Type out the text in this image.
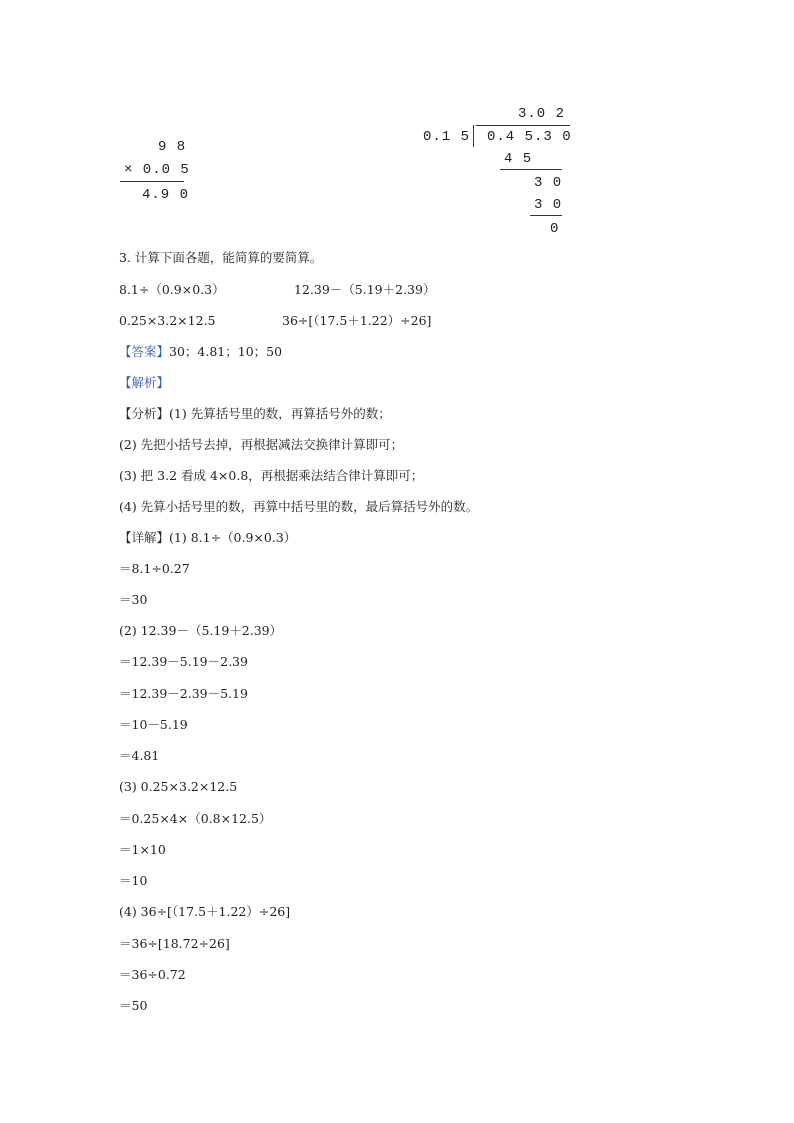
9 8
× 0.0 5
4.9 0
3.0 2
0.1 5 0.4 5.3 0
4 5
3 0
3 0
0
3. 计算下面各题，能简算的要简算。
8.1÷（0.9×0.3）	12.39－（5.19＋2.39）
0.25×3.2×12.5	36÷[（17.5＋1.22）÷26]
【答案】30；4.81；10；50
【解析】
【分析】(1) 先算括号里的数，再算括号外的数；
(2) 先把小括号去掉，再根据减法交换律计算即可；
(3) 把 3.2 看成 4×0.8，再根据乘法结合律计算即可；
(4) 先算小括号里的数，再算中括号里的数，最后算括号外的数。
【详解】(1) 8.1÷（0.9×0.3）
＝8.1÷0.27
＝30
(2) 12.39－（5.19＋2.39）
＝12.39－5.19－2.39
＝12.39－2.39－5.19
＝10－5.19
＝4.81
(3) 0.25×3.2×12.5
＝0.25×4×（0.8×12.5）
＝1×10
＝10
(4) 36÷[（17.5＋1.22）÷26]
＝36÷[18.72÷26]
＝36÷0.72
＝50
